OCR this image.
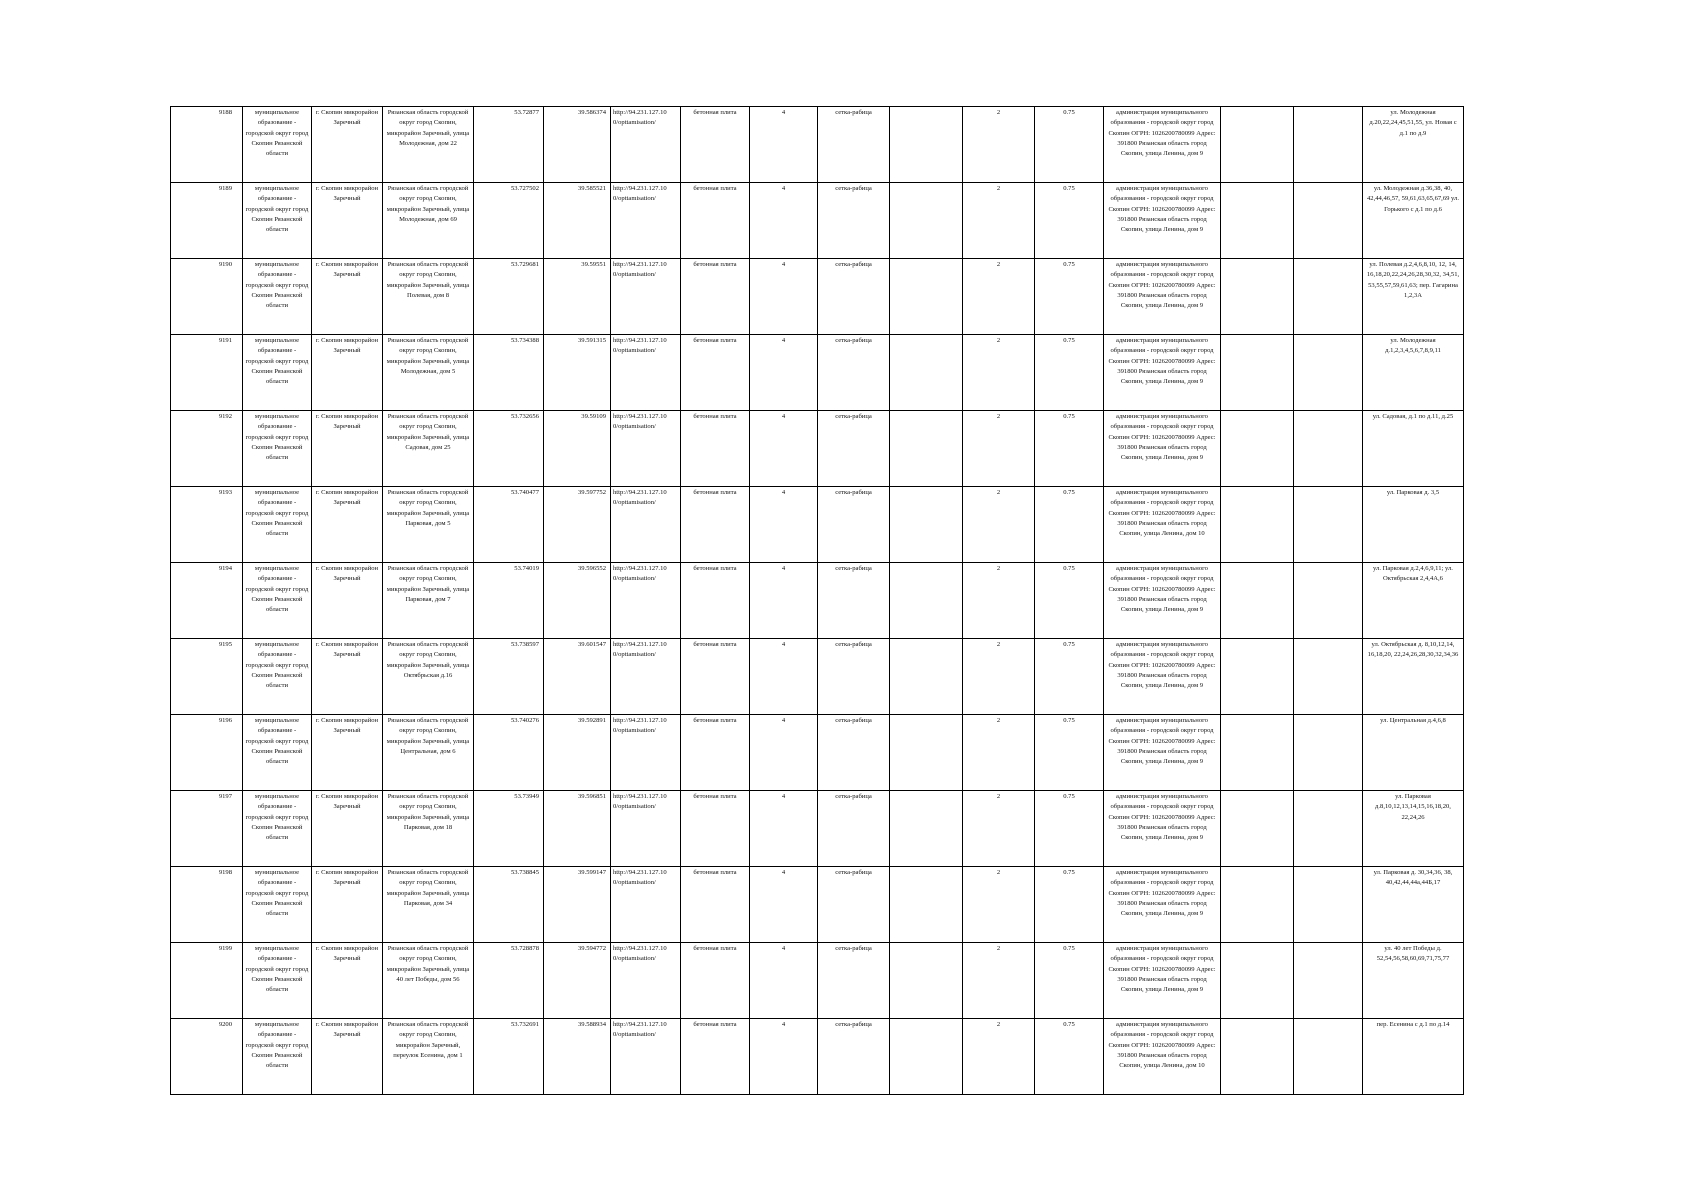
9188	муниципальное образование - городской округ город Скопин Рязанской области	г. Скопин микрорайон Заречный	Рязанская область городской округ город Скопин, микрорайон Заречный, улица Молодежная, дом 22	53.72877	39.586374	http://94.231.127.10 0/opttamisation/	бетонная плита	4	сетка-рабица		2	0.75	администрация муниципального образования - городской округ город Скопин ОГРН: 1026200780099 Адрес: 391800 Рязанская область город Скопин, улица Ленина, дом 9			ул. Молодежная д.20,22,24,45,51,55, ул. Новая с д.1 по д.9
9189	муниципальное образование - городской округ город Скопин Рязанской области	г. Скопин микрорайон Заречный	Рязанская область городской округ город Скопин, микрорайон Заречный, улица Молодежная, дом 69	53.727502	39.585521	http://94.231.127.10 0/opttamisation/	бетонная плита	4	сетка-рабица		2	0.75	администрация муниципального образования - городской округ город Скопин ОГРН: 1026200780099 Адрес: 391800 Рязанская область город Скопин, улица Ленина, дом 9			ул. Молодежная д.36,38, 40, 42,44,46,57, 59,61,63,65,67,69 ул. Горького с д.1 по д.6
9190	муниципальное образование - городской округ город Скопин Рязанской области	г. Скопин микрорайон Заречный	Рязанская область городской округ город Скопин, микрорайон Заречный, улица Полевая, дом 8	53.729681	39.59551	http://94.231.127.10 0/opttamisation/	бетонная плита	4	сетка-рабица		2	0.75	администрация муниципального образования - городской округ город Скопин ОГРН: 1026200780099 Адрес: 391800 Рязанская область город Скопин, улица Ленина, дом 9			ул. Полевая д.2,4,6,8,10, 12, 14, 16,18,20,22,24,26,28,30,32, 34,51, 53,55,57,59,61,63; пер. Гагарина 1,2,3А
9191	муниципальное образование - городской округ город Скопин Рязанской области	г. Скопин микрорайон Заречный	Рязанская область городской округ город Скопин, микрорайон Заречный, улица Молодежная, дом 5	53.734388	39.591315	http://94.231.127.10 0/opttamisation/	бетонная плита	4	сетка-рабица		2	0.75	администрация муниципального образования - городской округ город Скопин ОГРН: 1026200780099 Адрес: 391800 Рязанская область город Скопин, улица Ленина, дом 9			ул. Молодежная д.1,2,3,4,5,6,7,8,9,11
9192	муниципальное образование - городской округ город Скопин Рязанской области	г. Скопин микрорайон Заречный	Рязанская область городской округ город Скопин, микрорайон Заречный, улица Садовая, дом 25	53.732656	39.59109	http://94.231.127.10 0/opttamisation/	бетонная плита	4	сетка-рабица		2	0.75	администрация муниципального образования - городской округ город Скопин ОГРН: 1026200780099 Адрес: 391800 Рязанская область город Скопин, улица Ленина, дом 9			ул. Садовая, д.1 по д.11, д.25
9193	муниципальное образование - городской округ город Скопин Рязанской области	г. Скопин микрорайон Заречный	Рязанская область городской округ город Скопин, микрорайон Заречный, улица Парковая, дом 5	53.740477	39.597752	http://94.231.127.10 0/opttamisation/	бетонная плита	4	сетка-рабица		2	0.75	администрация муниципального образования - городской округ город Скопин ОГРН: 1026200780099 Адрес: 391800 Рязанская область город Скопин, улица Ленина, дом 10			ул. Парковая д. 3,5
9194	муниципальное образование - городской округ город Скопин Рязанской области	г. Скопин микрорайон Заречный	Рязанская область городской округ город Скопин, микрорайон Заречный, улица Парковая, дом 7	53.74019	39.596552	http://94.231.127.10 0/opttamisation/	бетонная плита	4	сетка-рабица		2	0.75	администрация муниципального образования - городской округ город Скопин ОГРН: 1026200780099 Адрес: 391800 Рязанская область город Скопин, улица Ленина, дом 9			ул. Парковая д.2,4,6,9,11; ул. Октябрьская 2,4,4А,6
9195	муниципальное образование - городской округ город Скопин Рязанской области	г. Скопин микрорайон Заречный	Рязанская область городской округ город Скопин, микрорайон Заречный, улица Октябрьская д.16	53.738597	39.601547	http://94.231.127.10 0/opttamisation/	бетонная плита	4	сетка-рабица		2	0.75	администрация муниципального образования - городской округ город Скопин ОГРН: 1026200780099 Адрес: 391800 Рязанская область город Скопин, улица Ленина, дом 9			ул. Октябрьская д. 8,10,12,14, 16,18,20, 22,24,26,28,30,32,34,36
9196	муниципальное образование - городской округ город Скопин Рязанской области	г. Скопин микрорайон Заречный	Рязанская область городской округ город Скопин, микрорайон Заречный, улица Центральная, дом 6	53.740276	39.592891	http://94.231.127.10 0/opttamisation/	бетонная плита	4	сетка-рабица		2	0.75	администрация муниципального образования - городской округ город Скопин ОГРН: 1026200780099 Адрес: 391800 Рязанская область город Скопин, улица Ленина, дом 9			ул. Центральная д.4,6,8
9197	муниципальное образование - городской округ город Скопин Рязанской области	г. Скопин микрорайон Заречный	Рязанская область городской округ город Скопин, микрорайон Заречный, улица Парковая, дом 18	53.73949	39.596851	http://94.231.127.10 0/opttamisation/	бетонная плита	4	сетка-рабица		2	0.75	администрация муниципального образования - городской округ город Скопин ОГРН: 1026200780099 Адрес: 391800 Рязанская область город Скопин, улица Ленина, дом 9			ул. Парковая д.8,10,12,13,14,15,16,18,20, 22,24,26
9198	муниципальное образование - городской округ город Скопин Рязанской области	г. Скопин микрорайон Заречный	Рязанская область городской округ город Скопин, микрорайон Заречный, улица Парковая, дом 34	53.738845	39.599147	http://94.231.127.10 0/opttamisation/	бетонная плита	4	сетка-рабица		2	0.75	администрация муниципального образования - городской округ город Скопин ОГРН: 1026200780099 Адрес: 391800 Рязанская область город Скопин, улица Ленина, дом 9			ул. Парковая д. 30,34,36, 38, 40,42,44,44а,44Б,17
9199	муниципальное образование - городской округ город Скопин Рязанской области	г. Скопин микрорайон Заречный	Рязанская область городской округ город Скопин, микрорайон Заречный, улица 40 лет Победы, дом 56	53.728878	39.594772	http://94.231.127.10 0/opttamisation/	бетонная плита	4	сетка-рабица		2	0.75	администрация муниципального образования - городской округ город Скопин ОГРН: 1026200780099 Адрес: 391800 Рязанская область город Скопин, улица Ленина, дом 9			ул. 40 лет Победы д. 52,54,56,58,60,69,71,75,77
9200	муниципальное образование - городской округ город Скопин Рязанской области	г. Скопин микрорайон Заречный	Рязанская область городской округ город Скопин, микрорайон Заречный, переулок Есенина, дом 1	53.732691	39.588934	http://94.231.127.10 0/opttamisation/	бетонная плита	4	сетка-рабица		2	0.75	администрация муниципального образования - городской округ город Скопин ОГРН: 1026200780099 Адрес: 391800 Рязанская область город Скопин, улица Ленина, дом 10			пер. Есенина с д.1 по д.14
